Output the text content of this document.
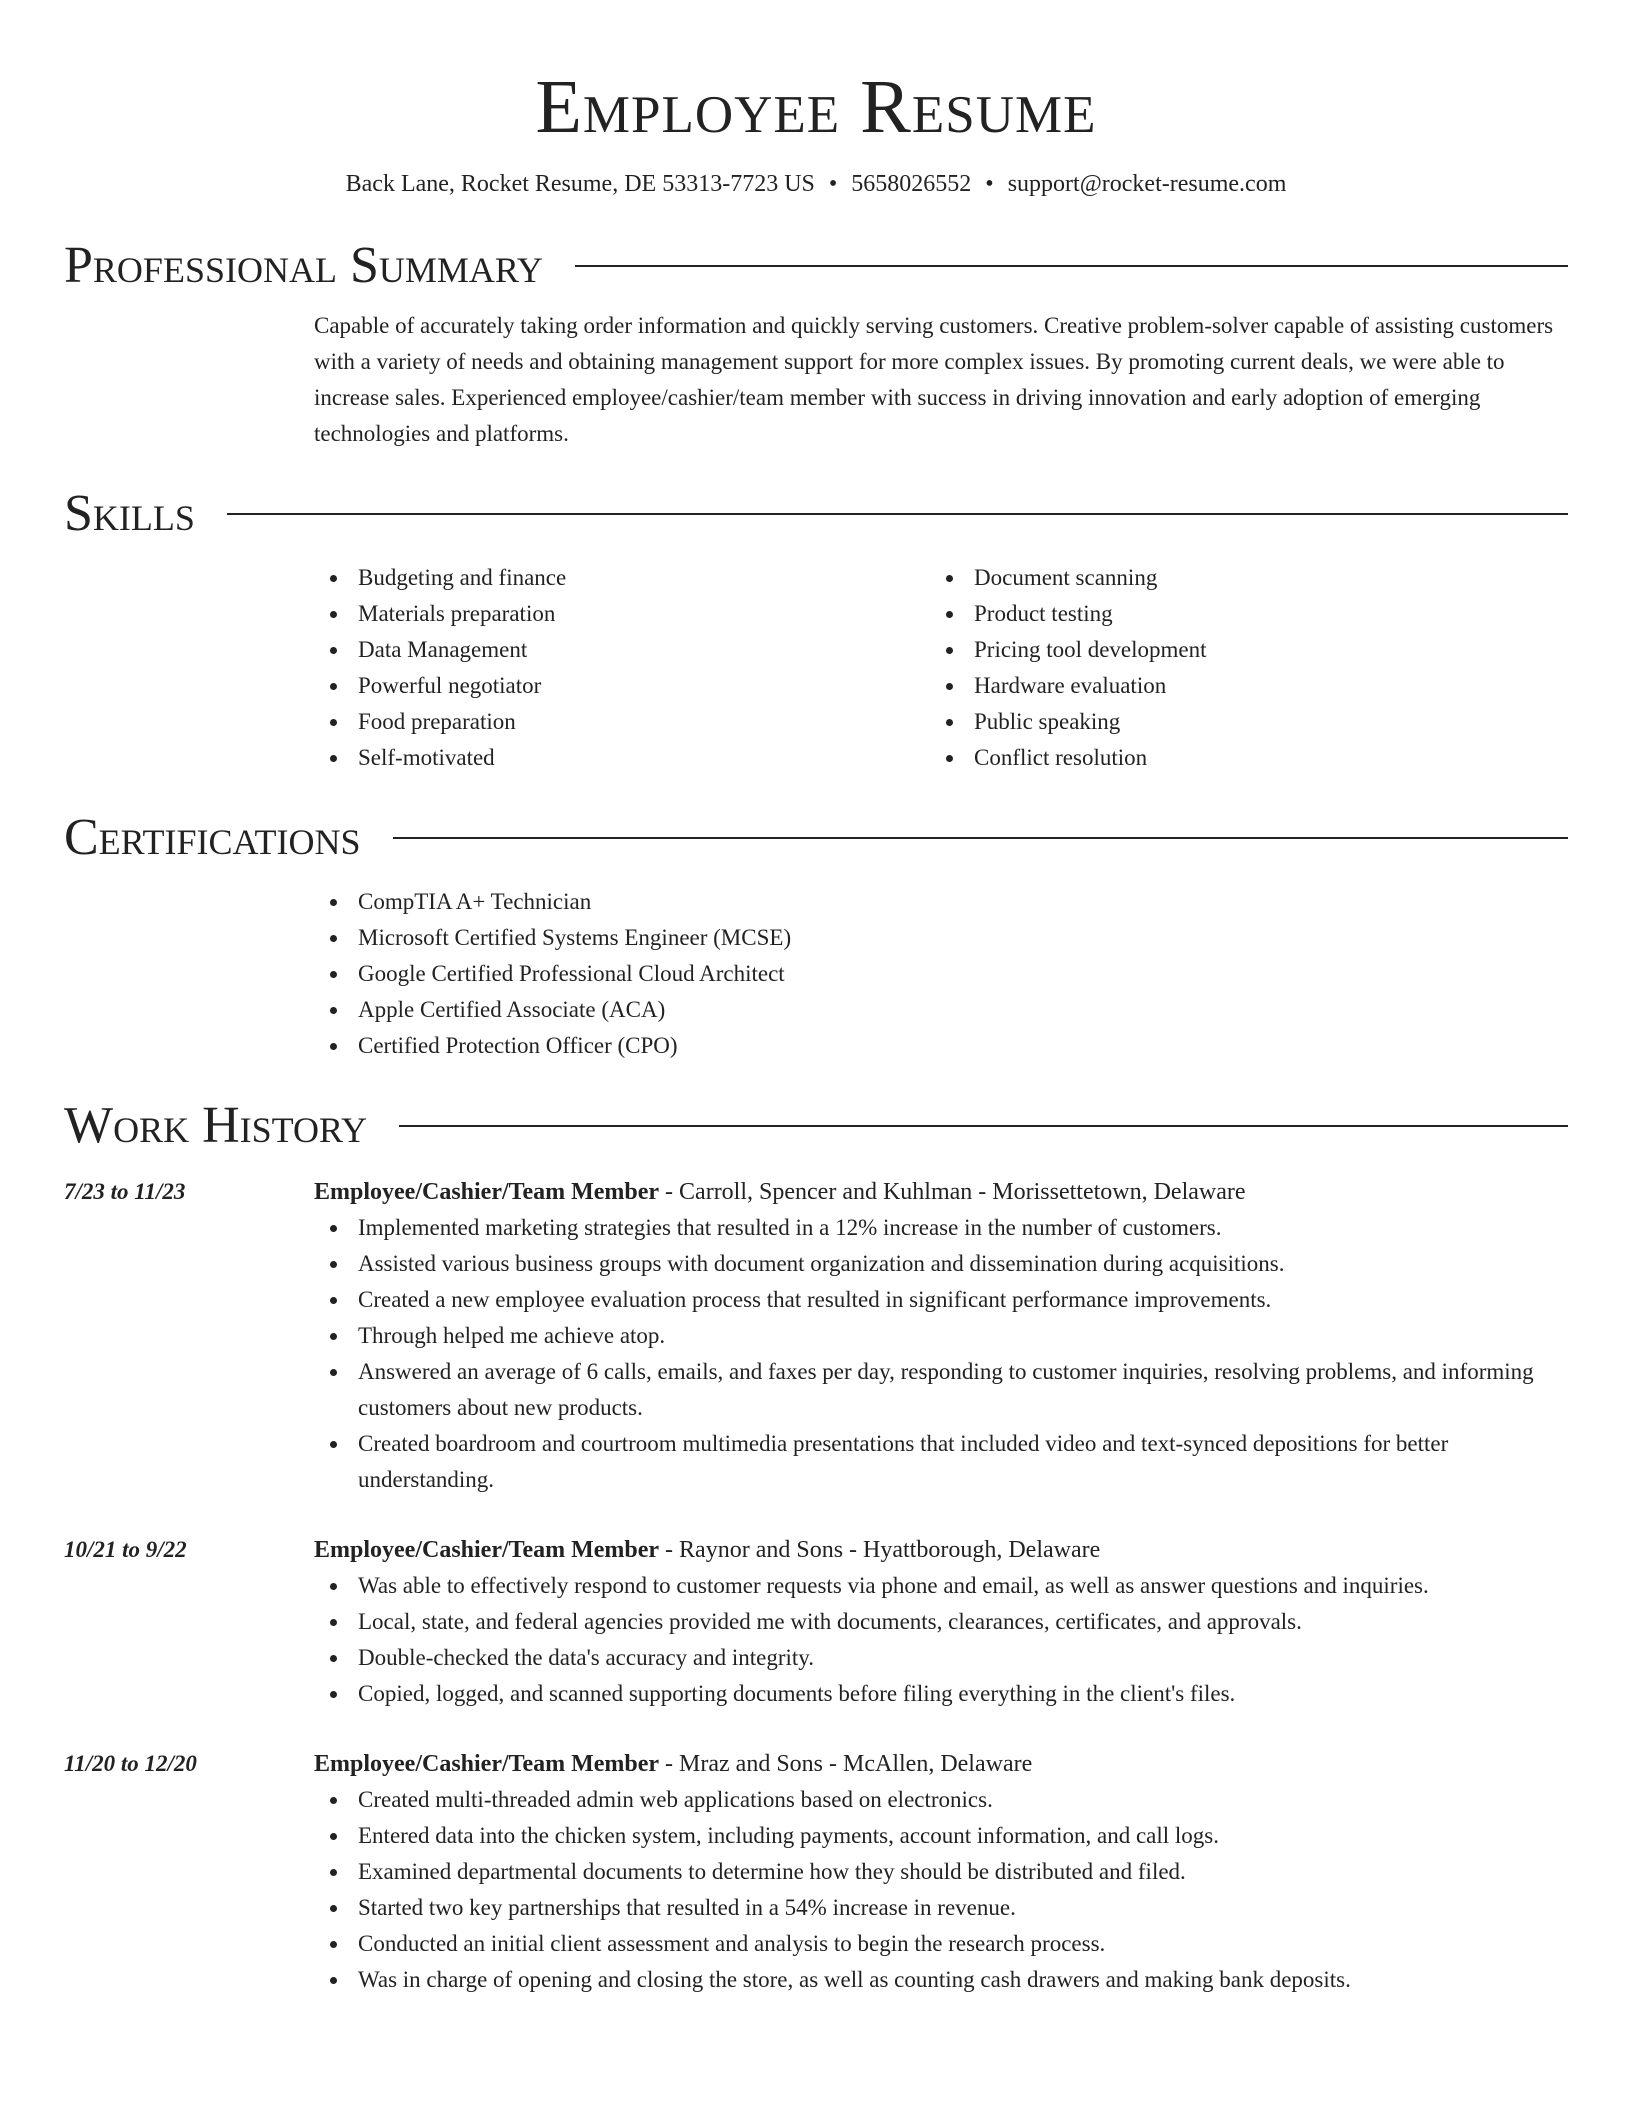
Employee Resume
Back Lane, Rocket Resume, DE 53313-7723 US • 5658026552 • support@rocket-resume.com
Professional Summary
Capable of accurately taking order information and quickly serving customers. Creative problem-solver capable of assisting customers with a variety of needs and obtaining management support for more complex issues. By promoting current deals, we were able to increase sales. Experienced employee/cashier/team member with success in driving innovation and early adoption of emerging technologies and platforms.
Skills
Budgeting and finance
Materials preparation
Data Management
Powerful negotiator
Food preparation
Self-motivated
Document scanning
Product testing
Pricing tool development
Hardware evaluation
Public speaking
Conflict resolution
Certifications
CompTIA A+ Technician
Microsoft Certified Systems Engineer (MCSE)
Google Certified Professional Cloud Architect
Apple Certified Associate (ACA)
Certified Protection Officer (CPO)
Work History
7/23 to 11/23	Employee/Cashier/Team Member - Carroll, Spencer and Kuhlman - Morissettetown, Delaware
Implemented marketing strategies that resulted in a 12% increase in the number of customers.
Assisted various business groups with document organization and dissemination during acquisitions.
Created a new employee evaluation process that resulted in significant performance improvements.
Through helped me achieve atop.
Answered an average of 6 calls, emails, and faxes per day, responding to customer inquiries, resolving problems, and informing customers about new products.
Created boardroom and courtroom multimedia presentations that included video and text-synced depositions for better understanding.
10/21 to 9/22	Employee/Cashier/Team Member - Raynor and Sons - Hyattborough, Delaware
Was able to effectively respond to customer requests via phone and email, as well as answer questions and inquiries.
Local, state, and federal agencies provided me with documents, clearances, certificates, and approvals.
Double-checked the data's accuracy and integrity.
Copied, logged, and scanned supporting documents before filing everything in the client's files.
11/20 to 12/20	Employee/Cashier/Team Member - Mraz and Sons - McAllen, Delaware
Created multi-threaded admin web applications based on electronics.
Entered data into the chicken system, including payments, account information, and call logs.
Examined departmental documents to determine how they should be distributed and filed.
Started two key partnerships that resulted in a 54% increase in revenue.
Conducted an initial client assessment and analysis to begin the research process.
Was in charge of opening and closing the store, as well as counting cash drawers and making bank deposits.
